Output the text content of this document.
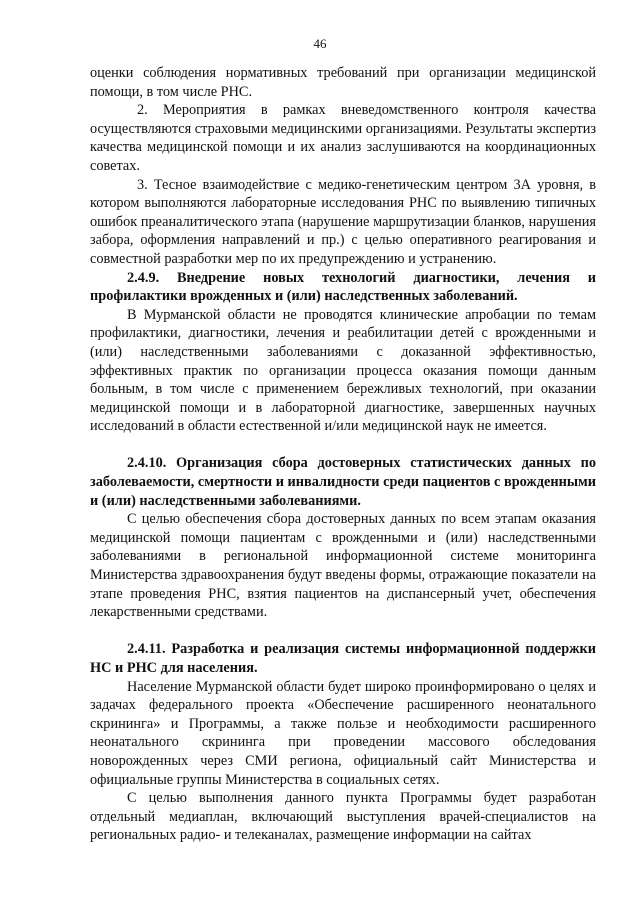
46

оценки соблюдения нормативных требований при организации медицинской помощи, в том числе РНС.

2. Мероприятия в рамках вневедомственного контроля качества осуществляются страховыми медицинскими организациями. Результаты экспертиз качества медицинской помощи и их анализ заслушиваются на координационных советах.

3. Тесное взаимодействие с медико-генетическим центром 3А уровня, в котором выполняются лабораторные исследования РНС по выявлению типичных ошибок преаналитического этапа (нарушение маршрутизации бланков, нарушения забора, оформления направлений и пр.) с целью оперативного реагирования и совместной разработки мер по их предупреждению и устранению.

2.4.9. Внедрение новых технологий диагностики, лечения и профилактики врожденных и (или) наследственных заболеваний.

В Мурманской области не проводятся клинические апробации по темам профилактики, диагностики, лечения и реабилитации детей с врожденными и (или) наследственными заболеваниями с доказанной эффективностью, эффективных практик по организации процесса оказания помощи данным больным, в том числе с применением бережливых технологий, при оказании медицинской помощи и в лабораторной диагностике, завершенных научных исследований в области естественной и/или медицинской наук не имеется.

2.4.10. Организация сбора достоверных статистических данных по заболеваемости, смертности и инвалидности среди пациентов с врожденными и (или) наследственными заболеваниями.

С целью обеспечения сбора достоверных данных по всем этапам оказания медицинской помощи пациентам с врожденными и (или) наследственными заболеваниями в региональной информационной системе мониторинга Министерства здравоохранения будут введены формы, отражающие показатели на этапе проведения РНС, взятия пациентов на диспансерный учет, обеспечения лекарственными средствами.

2.4.11. Разработка и реализация системы информационной поддержки НС и РНС для населения.

Население Мурманской области будет широко проинформировано о целях и задачах федерального проекта «Обеспечение расширенного неонатального скрининга» и Программы, а также пользе и необходимости расширенного неонатального скрининга при проведении массового обследования новорожденных через СМИ региона, официальный сайт Министерства и официальные группы Министерства в социальных сетях.

С целью выполнения данного пункта Программы будет разработан отдельный медиаплан, включающий выступления врачей-специалистов на региональных радио- и телеканалах, размещение информации на сайтах
